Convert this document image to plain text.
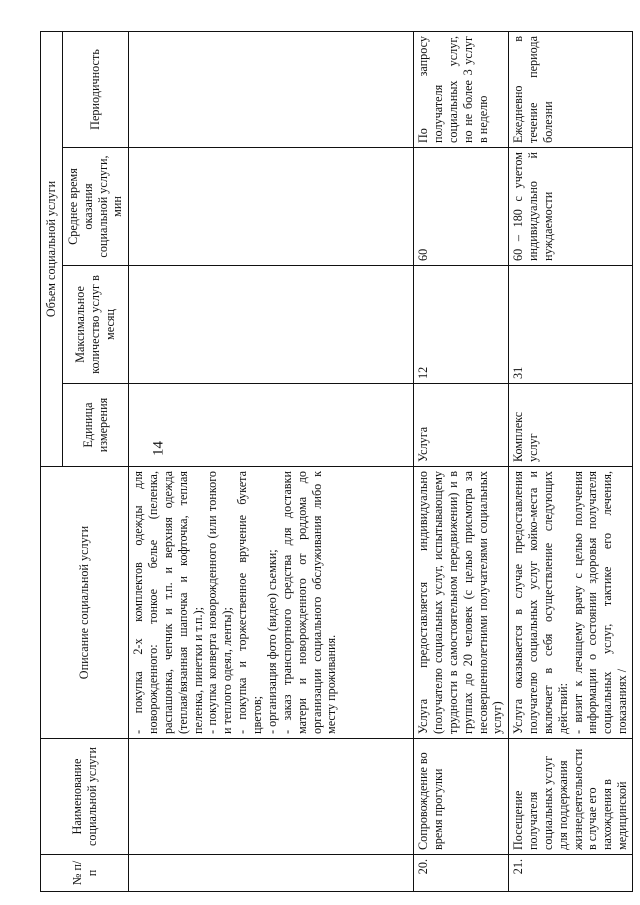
14
№ п/п	Наименование социальной услуги	Описание социальной услуги	Объем социальной услуги			
			Единица измерения	Максимальное количество услуг в месяц	Среднее время оказания социальной услуги, мин	Периодичность

		- покупка 2-х комплектов одежды для новорожденного: тонкое белье (пеленка, распашонка, чепчик и т.п. и верхняя одежда (теплая/вязанная шапочка и кофточка, теплая пеленка, пинетки и т.п.); - покупка конверта новорожденного (или тонкого и теплого одеял, ленты); - покупка и торжественное вручение букета цветов; - организация фото (видео) съемки; - заказ транспортного средства для доставки матери и новорожденного от роддома до организации социального обслуживания либо к месту проживания.				

20.	Сопровождение во время прогулки	Услуга предоставляется индивидуально (получателю социальных услуг, испытывающему трудности в самостоятельном передвижении) и в группах до 20 человек (с целью присмотра за несовершеннолетними получателями социальных услуг)	Услуга	12	60	По запросу получателя социальных услуг, но не более 3 услуг в неделю
21.	Посещение получателя социальных услуг для поддержания жизнедеятельности в случае его нахождения в медицинской	Услуга оказывается в случае предоставления получателю социальных услуг койко-места и включает в себя осуществление следующих действий: - визит к лечащему врачу с целью получения информации о состоянии здоровья получателя социальных услуг, тактике его лечения, показаниях /	Комплекс услуг	31	60 – 180 с учетом индивидуально й нуждаемости	Ежедневно в течение периода болезни
